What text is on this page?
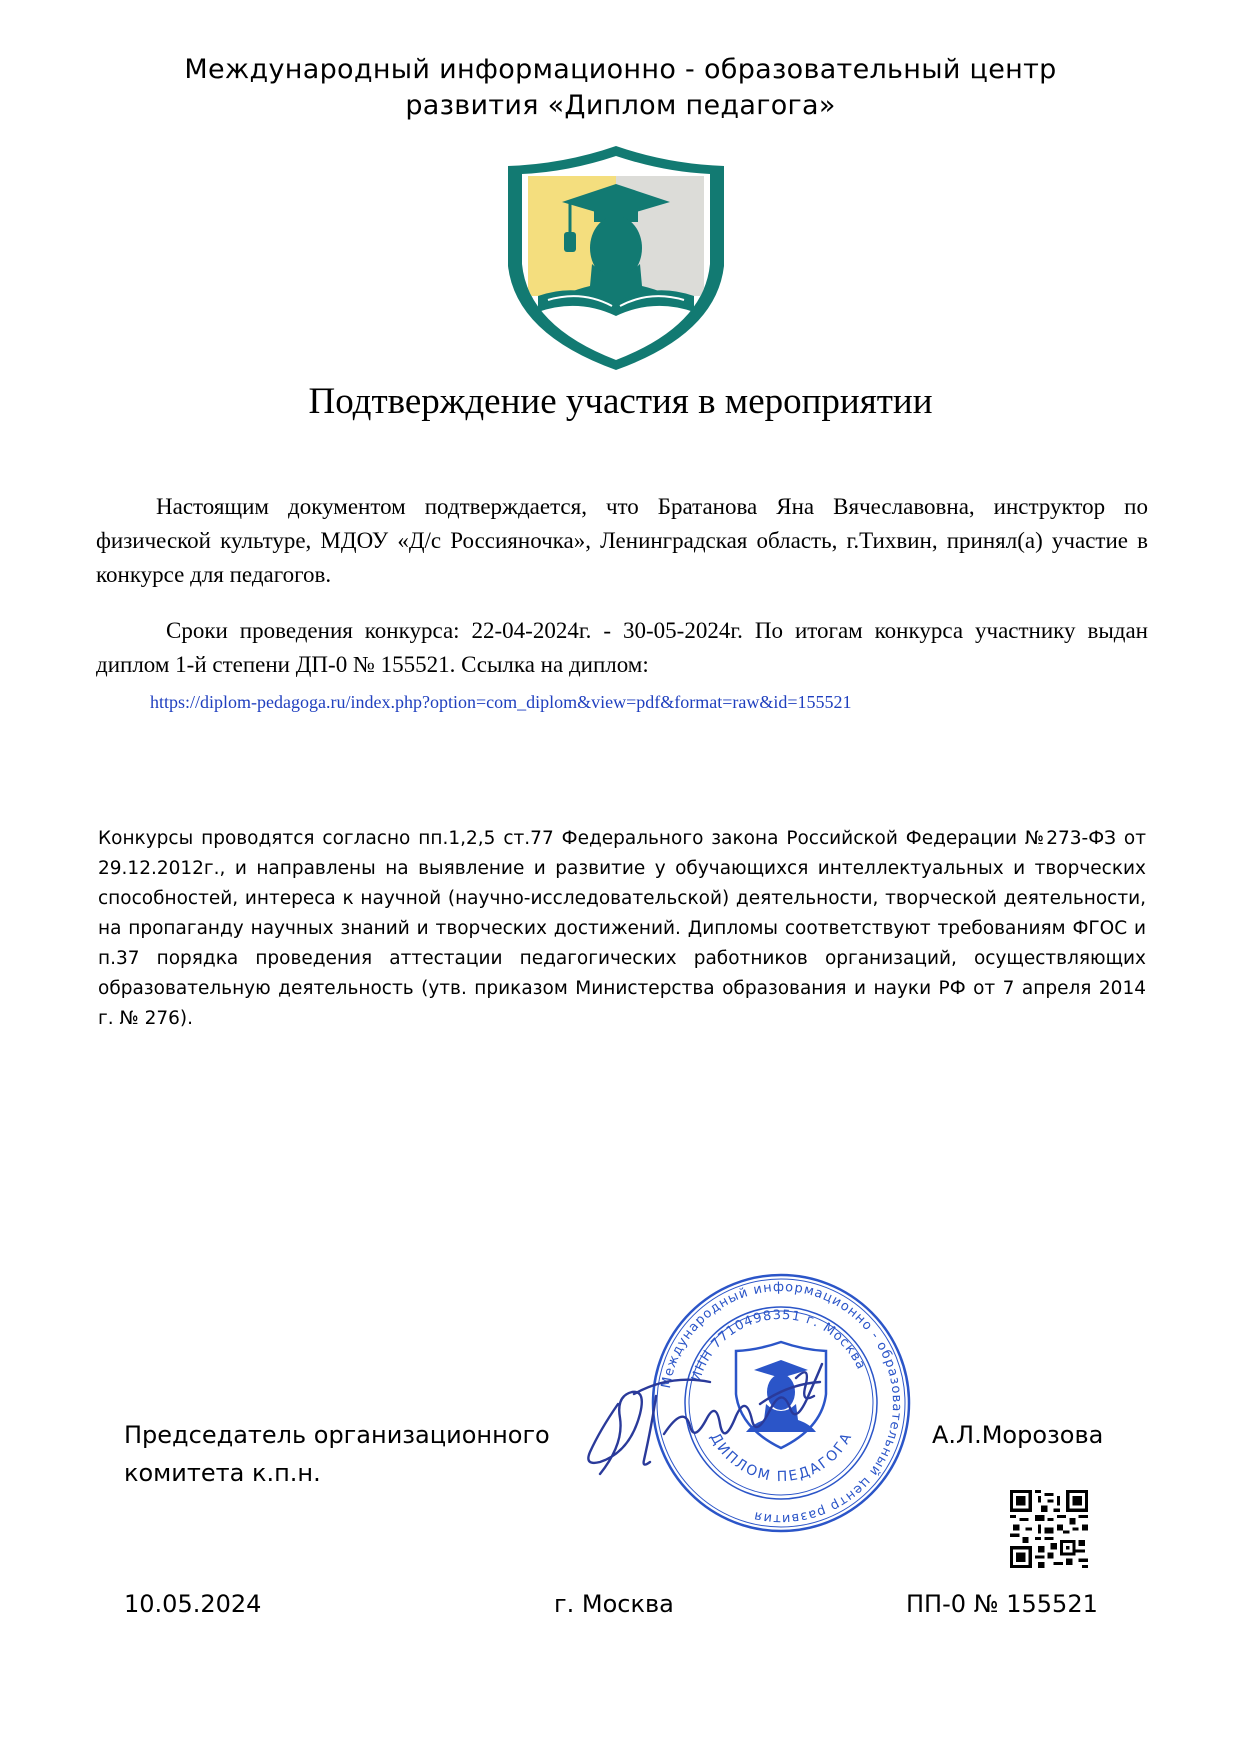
Международный информационно - образовательный центр
развития «Диплом педагога»
Подтверждение участия в мероприятии
Настоящим документом подтверждается, что Братанова Яна Вячеславовна, инструктор по физической культуре, МДОУ «Д/с Россияночка», Ленинградская область, г.Тихвин, принял(а) участие в конкурсе для педагогов.
Сроки проведения конкурса: 22-04-2024г. - 30-05-2024г. По итогам конкурса участнику выдан диплом 1-й степени ДП-0 № 155521. Ссылка на диплом:
https://diplom-pedagoga.ru/index.php?option=com_diplom&view=pdf&format=raw&id=155521
Конкурсы проводятся согласно пп.1,2,5 ст.77 Федерального закона Российской Федерации №273-ФЗ от 29.12.2012г., и направлены на выявление и развитие у обучающихся интеллектуальных и творческих способностей, интереса к научной (научно-исследовательской) деятельности, творческой деятельности, на пропаганду научных знаний и творческих достижений. Дипломы соответствуют требованиям ФГОС и п.37 порядка проведения аттестации педагогических работников организаций, осуществляющих образовательную деятельность (утв. приказом Министерства образования и науки РФ от 7 апреля 2014 г. № 276).
Председатель организационного
комитета к.п.н.
Международный информационно - образовательный центр развития
ИНН 7710498351 г. Москва
ДИПЛОМ ПЕДАГОГА	А.Л.Морозова
10.05.2024	г. Москва	ПП-0 № 155521
